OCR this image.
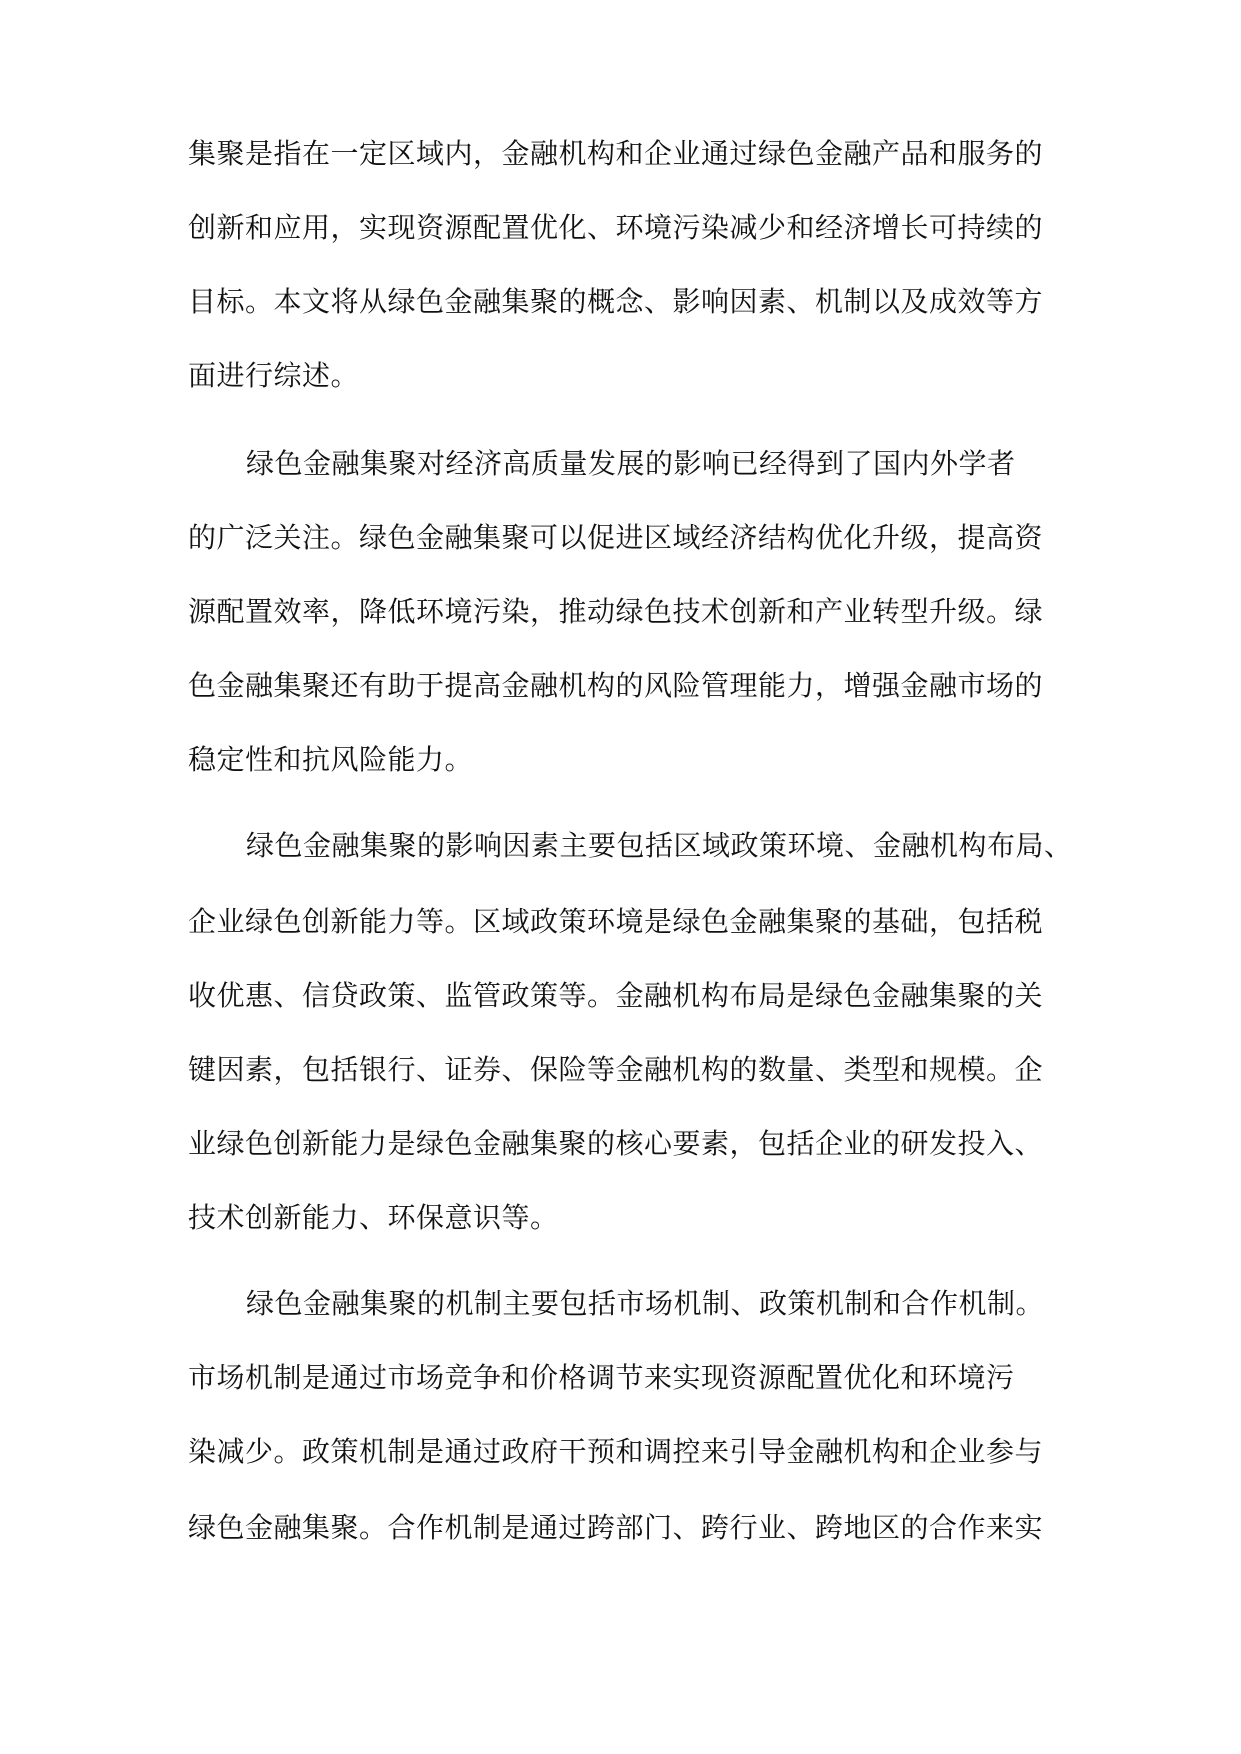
集聚是指在一定区域内，金融机构和企业通过绿色金融产品和服务的
创新和应用，实现资源配置优化、环境污染减少和经济增长可持续的
目标。本文将从绿色金融集聚的概念、影响因素、机制以及成效等方
面进行综述。
绿色金融集聚对经济高质量发展的影响已经得到了国内外学者
的广泛关注。绿色金融集聚可以促进区域经济结构优化升级，提高资
源配置效率，降低环境污染，推动绿色技术创新和产业转型升级。绿
色金融集聚还有助于提高金融机构的风险管理能力，增强金融市场的
稳定性和抗风险能力。
绿色金融集聚的影响因素主要包括区域政策环境、金融机构布局、
企业绿色创新能力等。区域政策环境是绿色金融集聚的基础，包括税
收优惠、信贷政策、监管政策等。金融机构布局是绿色金融集聚的关
键因素，包括银行、证券、保险等金融机构的数量、类型和规模。企
业绿色创新能力是绿色金融集聚的核心要素，包括企业的研发投入、
技术创新能力、环保意识等。
绿色金融集聚的机制主要包括市场机制、政策机制和合作机制。
市场机制是通过市场竞争和价格调节来实现资源配置优化和环境污
染减少。政策机制是通过政府干预和调控来引导金融机构和企业参与
绿色金融集聚。合作机制是通过跨部门、跨行业、跨地区的合作来实
